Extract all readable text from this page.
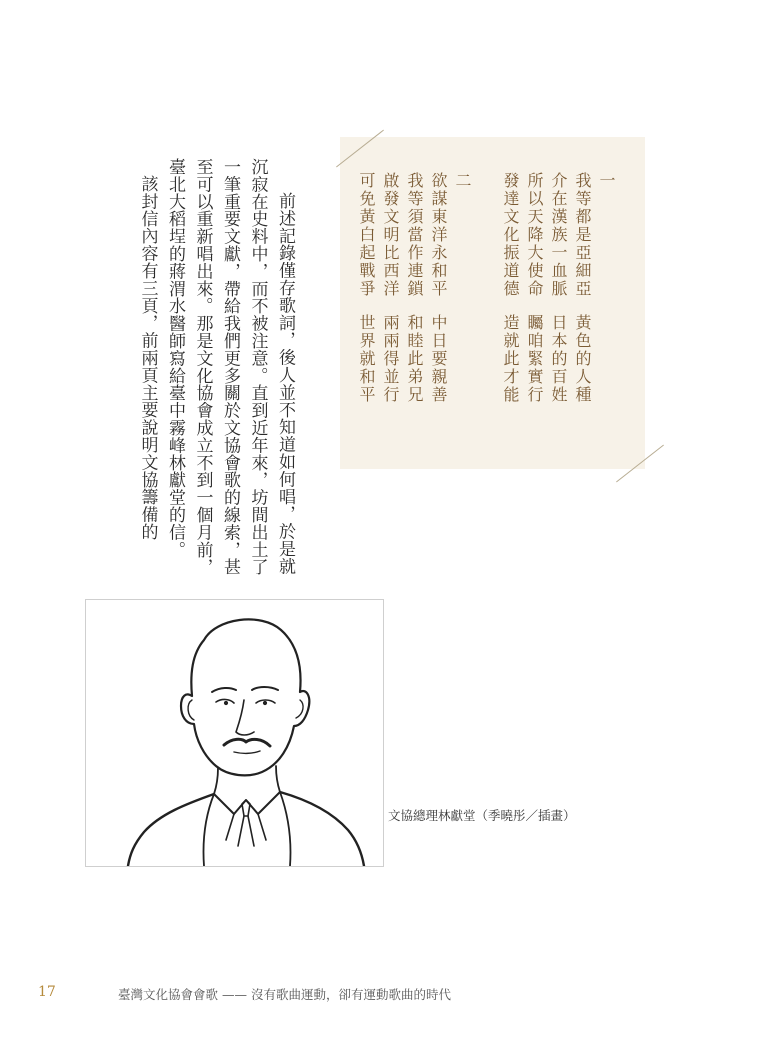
前述記錄僅存歌詞，後人並不知道如何唱，於是就沉寂在史料中，而不被注意。直到近年來，坊間出土了一筆重要文獻，帶給我們更多關於文協會歌的線索，甚至可以重新唱出來。那是文化協會成立不到一個月前，臺北大稻埕的蔣渭水醫師寫給臺中霧峰林獻堂的信。

該封信內容有三頁，前兩頁主要說明文協籌備的	一
我等都是亞細亞黃色的人種
介在漢族一血脈日本的百姓
所以天降大使命矚咱緊實行
發達文化振道德造就此才能
二
欲謀東洋永和平中日要親善
我等須當作連鎖和睦此弟兄
啟發文明比西洋兩兩得並行
可免黃白起戰爭世界就和平
文協總理林獻堂（季曉彤／插畫）
17	臺灣文化協會會歌 —— 沒有歌曲運動，卻有運動歌曲的時代
